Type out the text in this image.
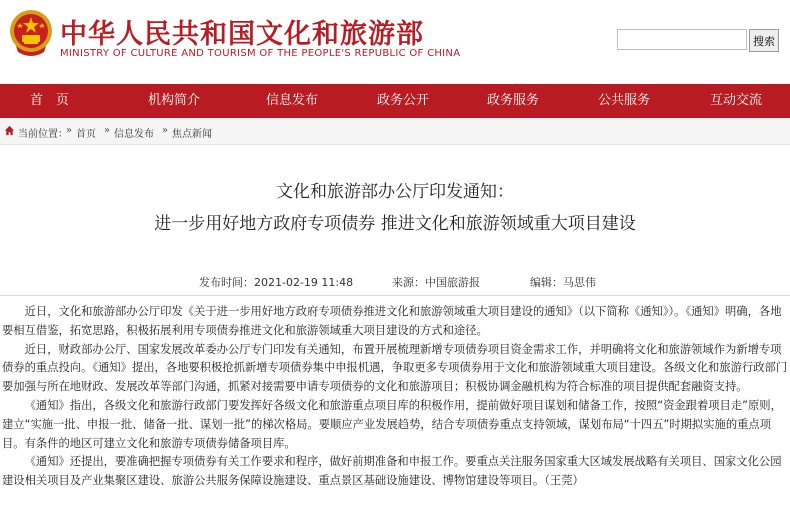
中华人民共和国文化和旅游部
MINISTRY OF CULTURE AND TOURISM OF THE PEOPLE'S REPUBLIC OF CHINA
搜索
首　页	机构简介	信息发布	政务公开	政务服务	公共服务	互动交流
当前位置：
» 首页 » 信息发布 » 焦点新闻
文化和旅游部办公厅印发通知：
进一步用好地方政府专项债券 推进文化和旅游领域重大项目建设
发布时间：2021-02-19 11:48	来源：中国旅游报	编辑：马思伟

近日，文化和旅游部办公厅印发《关于进一步用好地方政府专项债券推进文化和旅游领域重大项目建设的通知》（以下简称《通知》）。《通知》明确，各地要相互借鉴，拓宽思路，积极拓展利用专项债券推进文化和旅游领域重大项目建设的方式和途径。

近日，财政部办公厅、国家发展改革委办公厅专门印发有关通知，布置开展梳理新增专项债券项目资金需求工作，并明确将文化和旅游领域作为新增专项债券的重点投向。《通知》提出，各地要积极抢抓新增专项债券集中申报机遇，争取更多专项债券用于文化和旅游领域重大项目建设。各级文化和旅游行政部门要加强与所在地财政、发展改革等部门沟通，抓紧对接需要申请专项债券的文化和旅游项目；积极协调金融机构为符合标准的项目提供配套融资支持。

《通知》指出，各级文化和旅游行政部门要发挥好各级文化和旅游重点项目库的积极作用，提前做好项目谋划和储备工作，按照“资金跟着项目走”原则，建立“实施一批、申报一批、储备一批、谋划一批”的梯次格局。要顺应产业发展趋势，结合专项债券重点支持领域，谋划布局“十四五”时期拟实施的重点项目。有条件的地区可建立文化和旅游专项债券储备项目库。

《通知》还提出，要准确把握专项债券有关工作要求和程序，做好前期准备和申报工作。要重点关注服务国家重大区域发展战略有关项目、国家文化公园建设相关项目及产业集聚区建设、旅游公共服务保障设施建设、重点景区基础设施建设、博物馆建设等项目。（王莞）
